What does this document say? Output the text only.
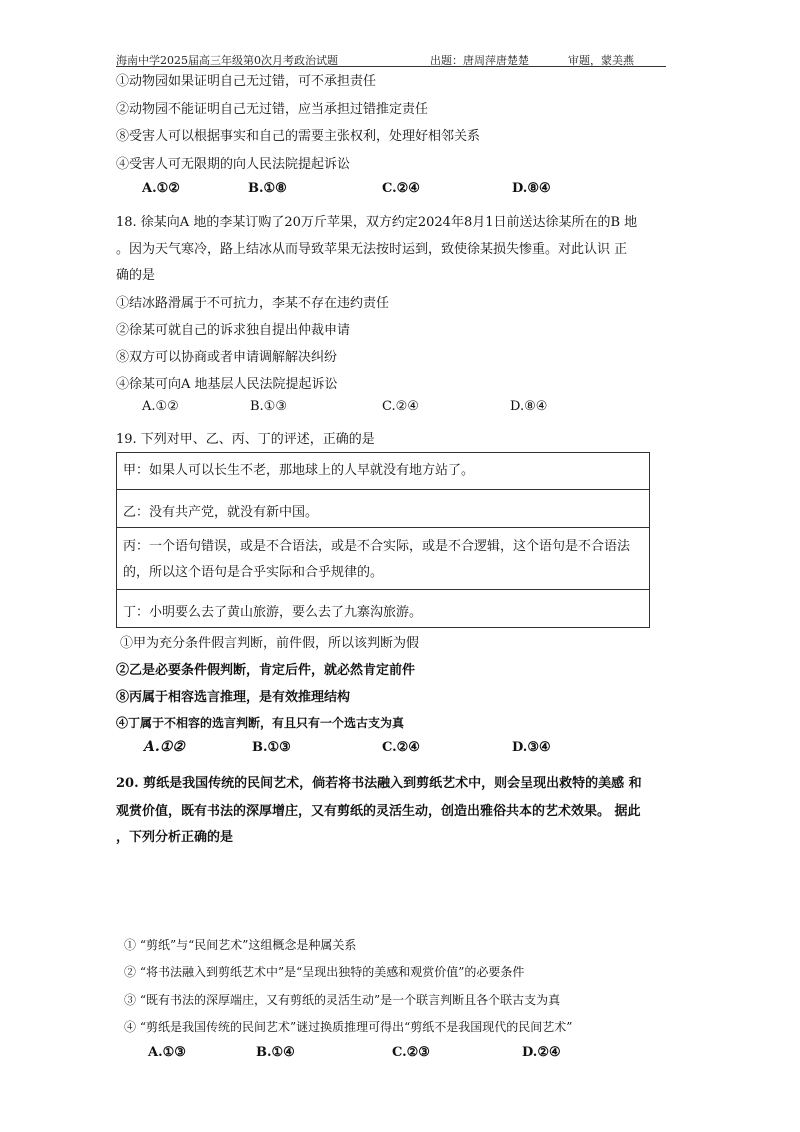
海南中学2025届高三年级第0次月考政治试题	出题：唐周萍唐楚楚	审题，蒙美燕
①动物园如果证明自己无过错，可不承担责任
②动物园不能证明自己无过错，应当承担过错推定责任
⑧受害人可以根据事实和自己的需要主张权利，处理好相邻关系
④受害人可无限期的向人民法院提起诉讼
A.①②	B.①⑧	C.②④	D.⑧④
18. 徐某向A 地的李某订购了20万斤苹果，双方约定2024年8月1日前送达徐某所在的B 地
。因为天气寒冷，路上结冰从而导致苹果无法按时运到，致使徐某损失惨重。对此认识 正
确的是
①结冰路滑属于不可抗力，李某不存在违约责任
②徐某可就自己的诉求独自提出仲裁申请
⑧双方可以协商或者申请调解解决纠纷
④徐某可向A 地基层人民法院提起诉讼
A.①②	B.①③	C.②④	D.⑧④
19. 下列对甲、乙、丙、丁的评述，正确的是
甲：如果人可以长生不老，那地球上的人早就没有地方站了。
乙：没有共产党，就没有新中国。
丙：一个语句错误，或是不合语法，或是不合实际，或是不合逻辑，这个语句是不合语法
的，所以这个语句是合乎实际和合乎规律的。
丁：小明要么去了黄山旅游，要么去了九寨沟旅游。
①甲为充分条件假言判断，前件假，所以该判断为假
②乙是必要条件假判断，肯定后件，就必然肯定前件
⑧丙属于相容选言推理，是有效推理结构
④丁属于不相容的选言判断，有且只有一个选古支为真
A.①②	B.①③	C.②④	D.③④
20. 剪纸是我国传统的民间艺术，倘若将书法融入到剪纸艺术中，则会呈现出救特的美感 和
观赏价值，既有书法的深厚增庄，又有剪纸的灵活生动，创造出雅俗共本的艺术效果。 据此
，下列分析正确的是
① “剪纸”与“民间艺术”这组概念是种属关系
② “将书法融入到剪纸艺术中”是“呈现出独特的美感和观赏价值”的必要条件
③ “既有书法的深厚端庄，又有剪纸的灵活生动”是一个联言判断且各个联古支为真
④ “剪纸是我国传统的民间艺术”谜过换质推理可得出“剪纸不是我国现代的民间艺术”
A.①③	B.①④	C.②③	D.②④
